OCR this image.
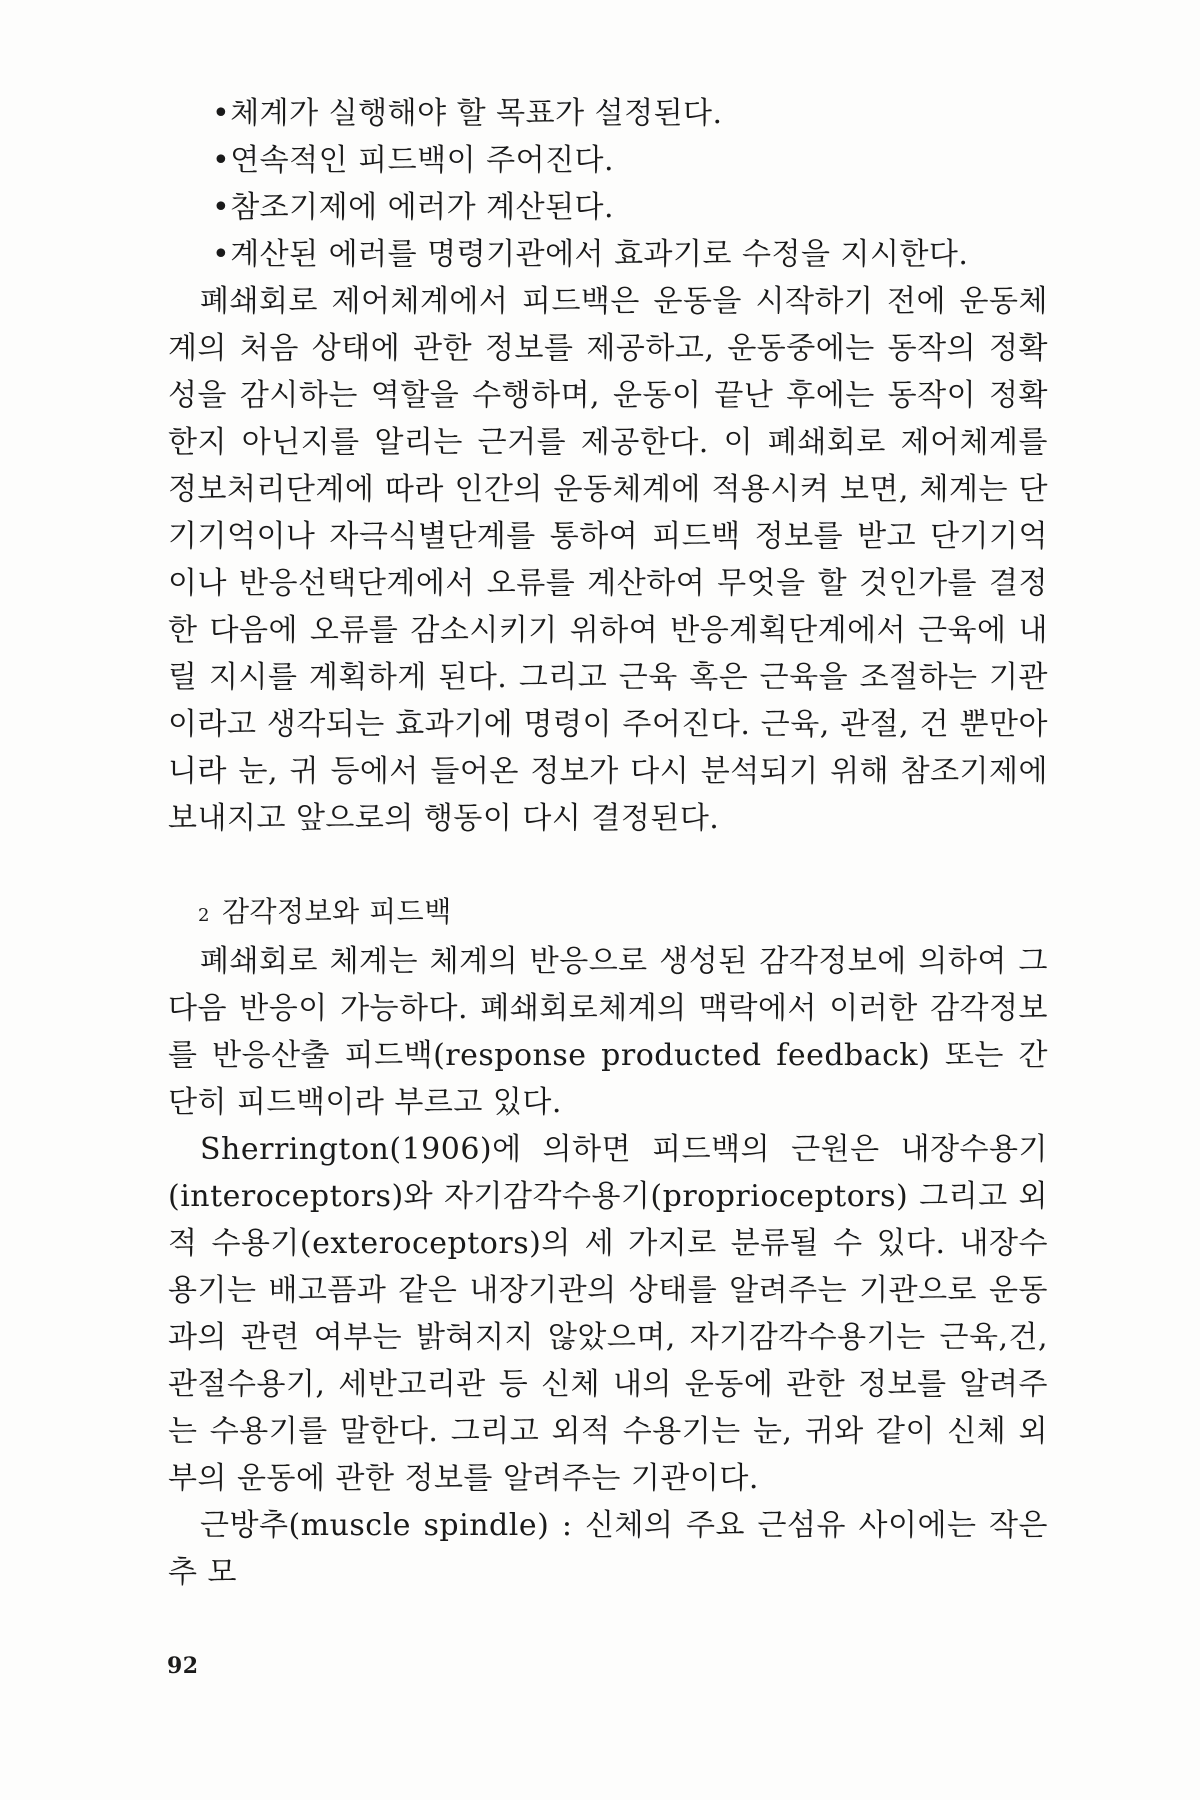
•체계가 실행해야 할 목표가 설정된다.
•연속적인 피드백이 주어진다.
•참조기제에 에러가 계산된다.
•계산된 에러를 명령기관에서 효과기로 수정을 지시한다.

폐쇄회로 제어체계에서 피드백은 운동을 시작하기 전에 운동체계의 처음 상태에 관한 정보를 제공하고, 운동중에는 동작의 정확성을 감시하는 역할을 수행하며, 운동이 끝난 후에는 동작이 정확한지 아닌지를 알리는 근거를 제공한다. 이 폐쇄회로 제어체계를 정보처리단계에 따라 인간의 운동체계에 적용시켜 보면, 체계는 단기기억이나 자극식별단계를 통하여 피드백 정보를 받고 단기기억이나 반응선택단계에서 오류를 계산하여 무엇을 할 것인가를 결정한 다음에 오류를 감소시키기 위하여 반응계획단계에서 근육에 내릴 지시를 계획하게 된다. 그리고 근육 혹은 근육을 조절하는 기관이라고 생각되는 효과기에 명령이 주어진다. 근육, 관절, 건 뿐만아니라 눈, 귀 등에서 들어온 정보가 다시 분석되기 위해 참조기제에 보내지고 앞으로의 행동이 다시 결정된다.

2 감각정보와 피드백

폐쇄회로 체계는 체계의 반응으로 생성된 감각정보에 의하여 그 다음 반응이 가능하다. 폐쇄회로체계의 맥락에서 이러한 감각정보를 반응산출 피드백(response producted feedback) 또는 간단히 피드백이라 부르고 있다.

Sherrington(1906)에 의하면 피드백의 근원은 내장수용기(interoceptors)와 자기감각수용기(proprioceptors) 그리고 외적 수용기(exteroceptors)의 세 가지로 분류될 수 있다. 내장수용기는 배고픔과 같은 내장기관의 상태를 알려주는 기관으로 운동과의 관련 여부는 밝혀지지 않았으며, 자기감각수용기는 근육,건, 관절수용기, 세반고리관 등 신체 내의 운동에 관한 정보를 알려주는 수용기를 말한다. 그리고 외적 수용기는 눈, 귀와 같이 신체 외부의 운동에 관한 정보를 알려주는 기관이다.

근방추(muscle spindle) : 신체의 주요 근섬유 사이에는 작은 추 모

92
